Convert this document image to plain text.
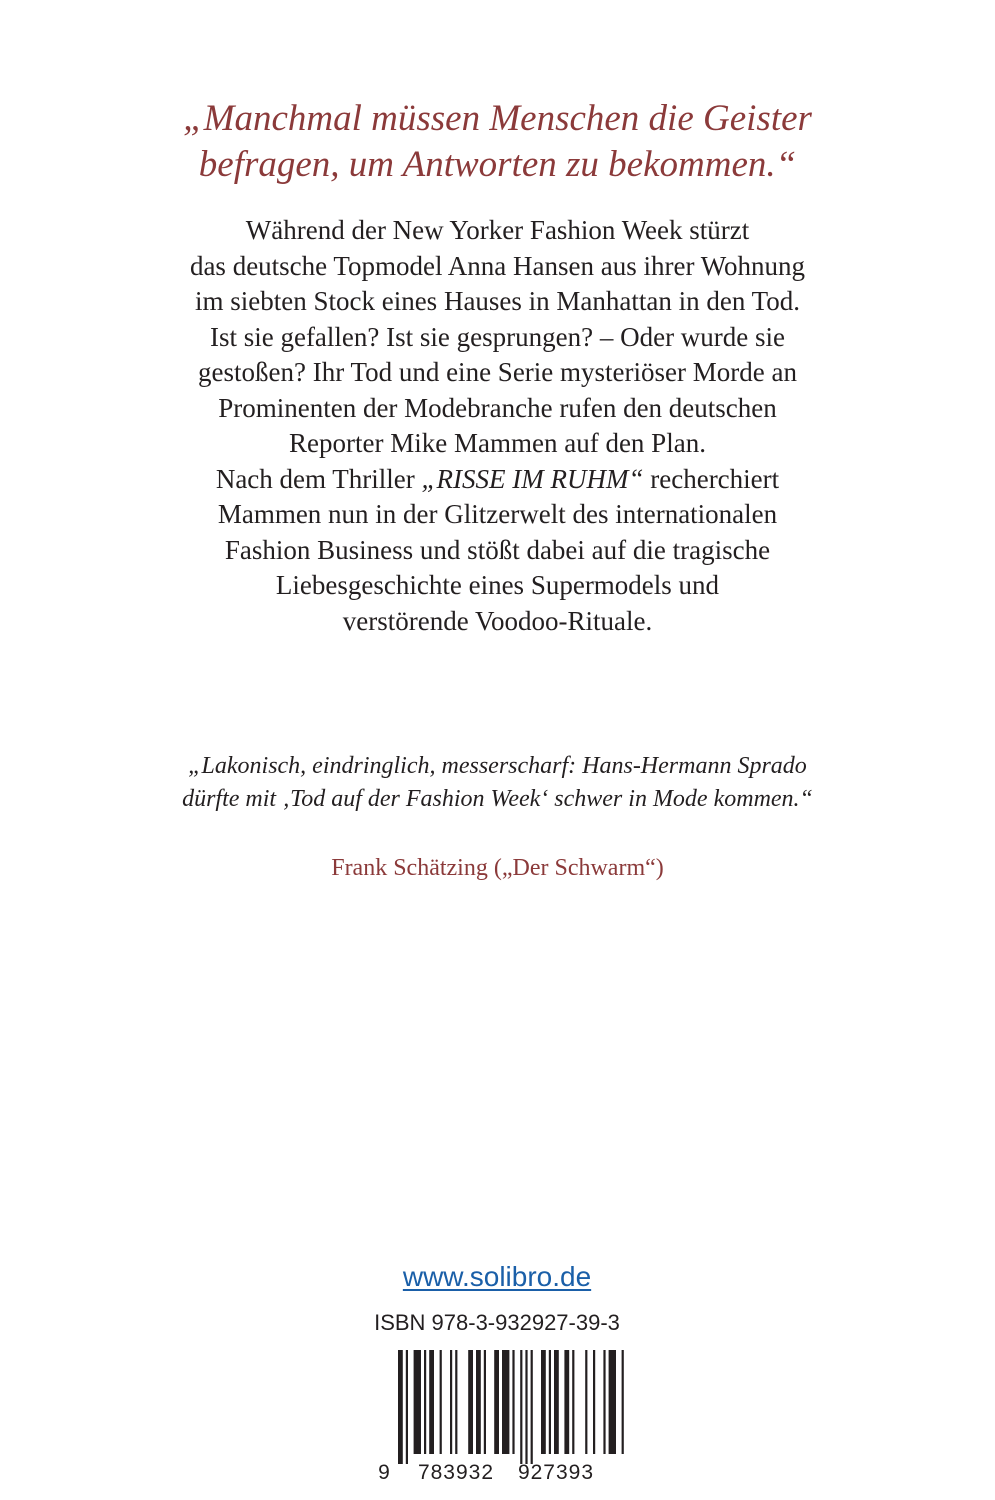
„Manchmal müssen Menschen die Geister
befragen, um Antworten zu bekommen.“
Während der New Yorker Fashion Week stürzt
das deutsche Topmodel Anna Hansen aus ihrer Wohnung
im siebten Stock eines Hauses in Manhattan in den Tod.
Ist sie gefallen? Ist sie gesprungen? – Oder wurde sie
gestoßen? Ihr Tod und eine Serie mysteriöser Morde an
Prominenten der Modebranche rufen den deutschen
Reporter Mike Mammen auf den Plan.
Nach dem Thriller „RISSE IM RUHM“ recherchiert
Mammen nun in der Glitzerwelt des internationalen
Fashion Business und stößt dabei auf die tragische
Liebesgeschichte eines Supermodels und
verstörende Voodoo-Rituale.
„Lakonisch, eindringlich, messerscharf: Hans-Hermann Sprado
dürfte mit ‚Tod auf der Fashion Week‘ schwer in Mode kommen.“
Frank Schätzing („Der Schwarm“)
www.solibro.de
ISBN 978-3-932927-39-3
9 783932 927393
